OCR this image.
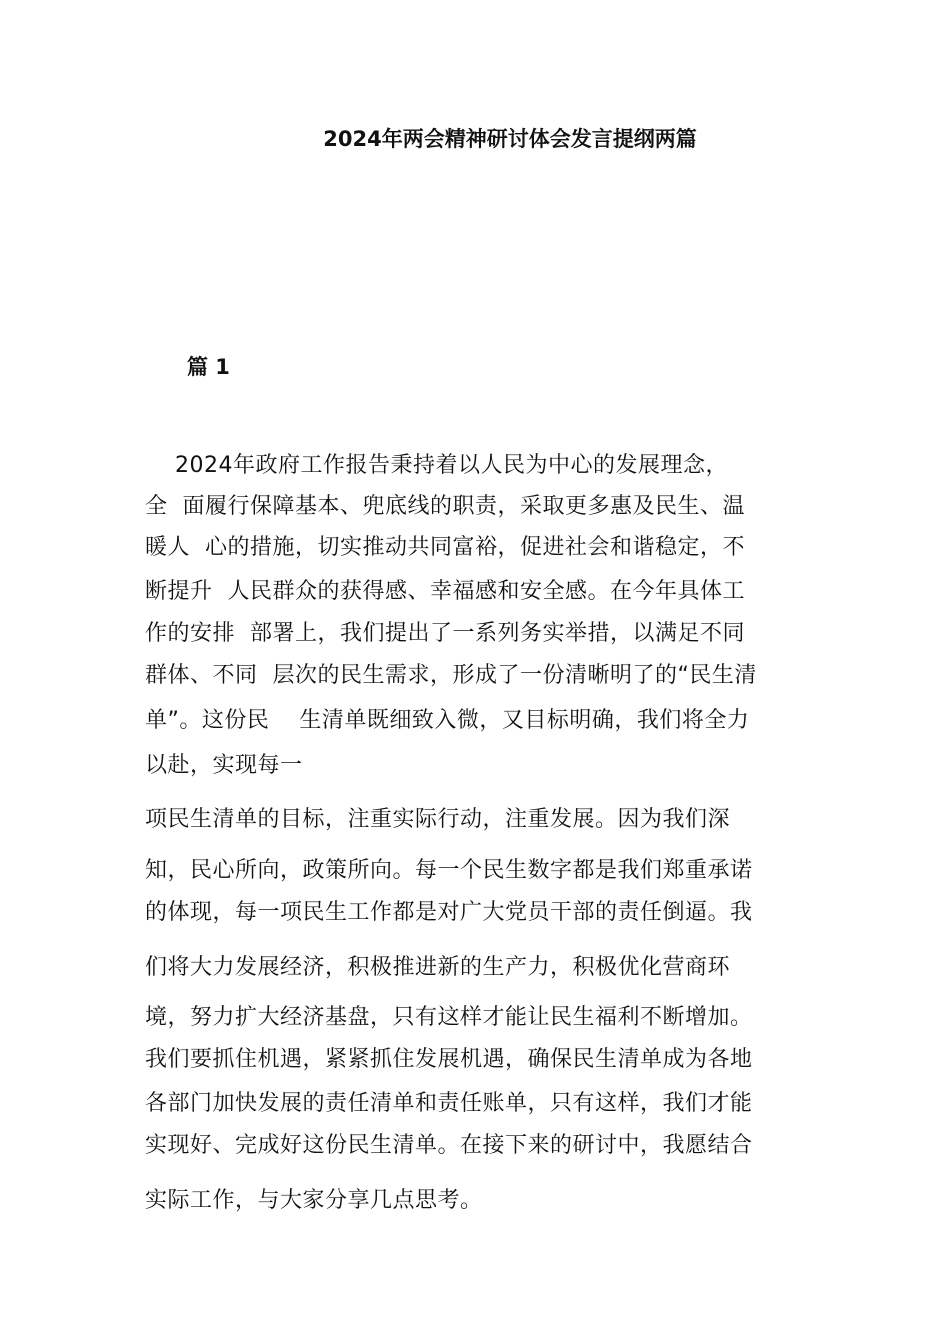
2024年两会精神研讨体会发言提纲两篇
篇 1
2024年政府工作报告秉持着以人民为中心的发展理念，
全  面履行保障基本、兜底线的职责，采取更多惠及民生、温
暖人  心的措施，切实推动共同富裕，促进社会和谐稳定，不
断提升  人民群众的获得感、幸福感和安全感。在今年具体工
作的安排  部署上，我们提出了一系列务实举措，以满足不同
群体、不同  层次的民生需求，形成了一份清晰明了的“民生清
单”。这份民    生清单既细致入微，又目标明确，我们将全力
以赴，实现每一
项民生清单的目标，注重实际行动，注重发展。因为我们深
知，民心所向，政策所向。每一个民生数字都是我们郑重承诺
的体现，每一项民生工作都是对广大党员干部的责任倒逼。我
们将大力发展经济，积极推进新的生产力，积极优化营商环
境，努力扩大经济基盘，只有这样才能让民生福利不断增加。
我们要抓住机遇，紧紧抓住发展机遇，确保民生清单成为各地
各部门加快发展的责任清单和责任账单，只有这样，我们才能
实现好、完成好这份民生清单。在接下来的研讨中，我愿结合
实际工作，与大家分享几点思考。
